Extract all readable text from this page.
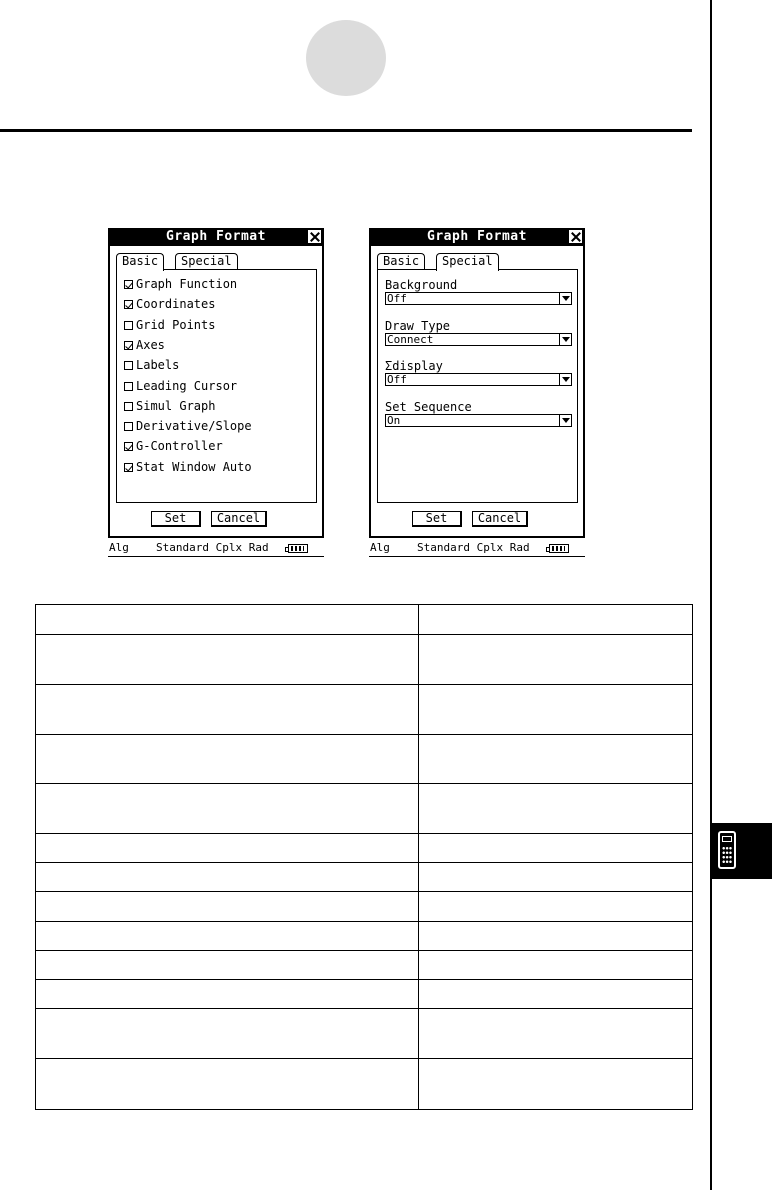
Graph Format
Basic	Special
Graph Function
Coordinates
Grid Points
Axes
Labels
Leading Cursor
Simul Graph
Derivative/Slope
G-Controller
Stat Window Auto
Set	Cancel
Alg Standard Cplx Rad
Graph Format
Basic	Special
Background
Off
Draw Type
Connect
Σdisplay
Off
Set Sequence
On
Set	Cancel
Alg Standard Cplx Rad
